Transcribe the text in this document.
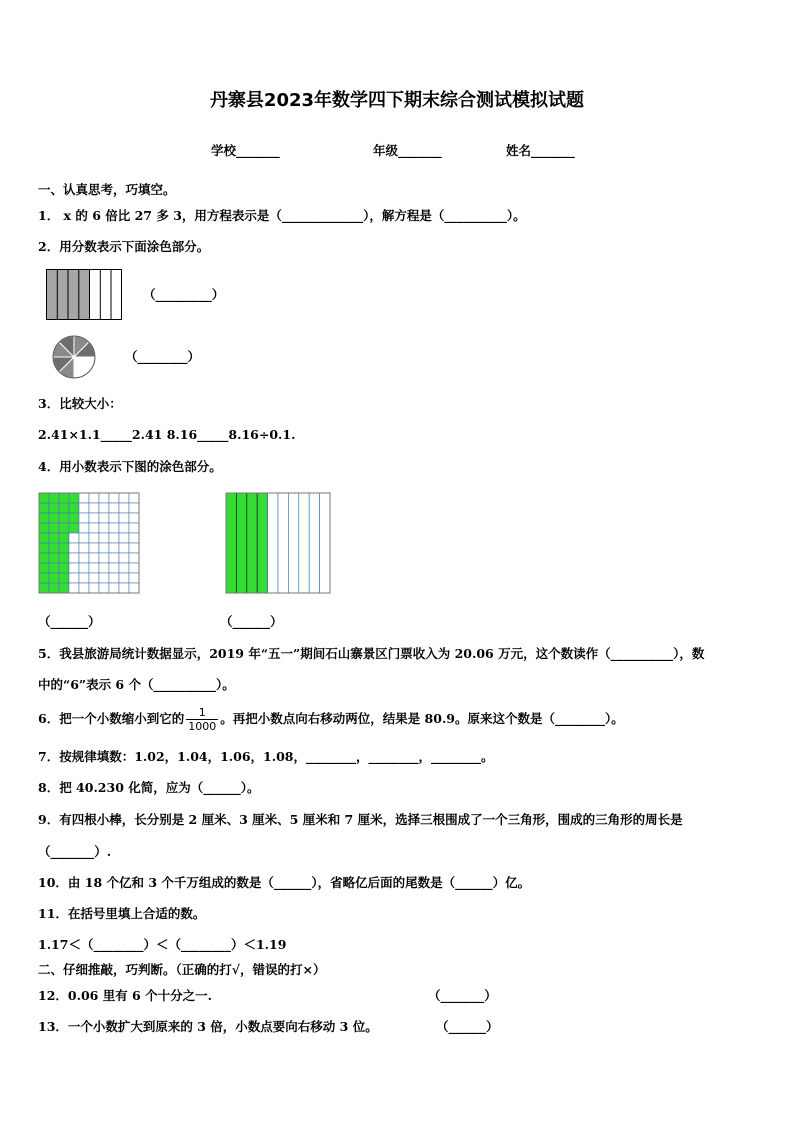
丹寨县2023年数学四下期末综合测试模拟试题
学校_______	年级_______	姓名_______
一、认真思考，巧填空。
1． x 的 6 倍比 27 多 3，用方程表示是（_____________），解方程是（__________）。
2．用分数表示下面涂色部分。
（_________）
（________）
3．比较大小：
2.41×1.1_____2.41 8.16_____8.16÷0.1.
4．用小数表示下图的涂色部分。
（______）	（______）
5．我县旅游局统计数据显示，2019 年“五一”期间石山寨景区门票收入为 20.06 万元，这个数读作（__________），数
中的“6”表示 6 个（__________）。
6．把一个小数缩小到它的 $\frac{1}{1000}$ 。再把小数点向右移动两位，结果是 80.9。原来这个数是（________）。
7．按规律填数：1.02，1.04，1.06，1.08，________，________，________。
8．把 40.230 化简，应为（______）。
9．有四根小棒，长分别是 2 厘米、3 厘米、5 厘米和 7 厘米，选择三根围成了一个三角形，围成的三角形的周长是
（_______）.
10．由 18 个亿和 3 个千万组成的数是（______），省略亿后面的尾数是（______）亿。
11．在括号里填上合适的数。
1.17＜（________）＜（________）＜1.19
二、仔细推敲，巧判断。（正确的打√，错误的打×）
12．0.06 里有 6 个十分之一.	（_______）
13．一个小数扩大到原来的 3 倍，小数点要向右移动 3 位。	（______）
